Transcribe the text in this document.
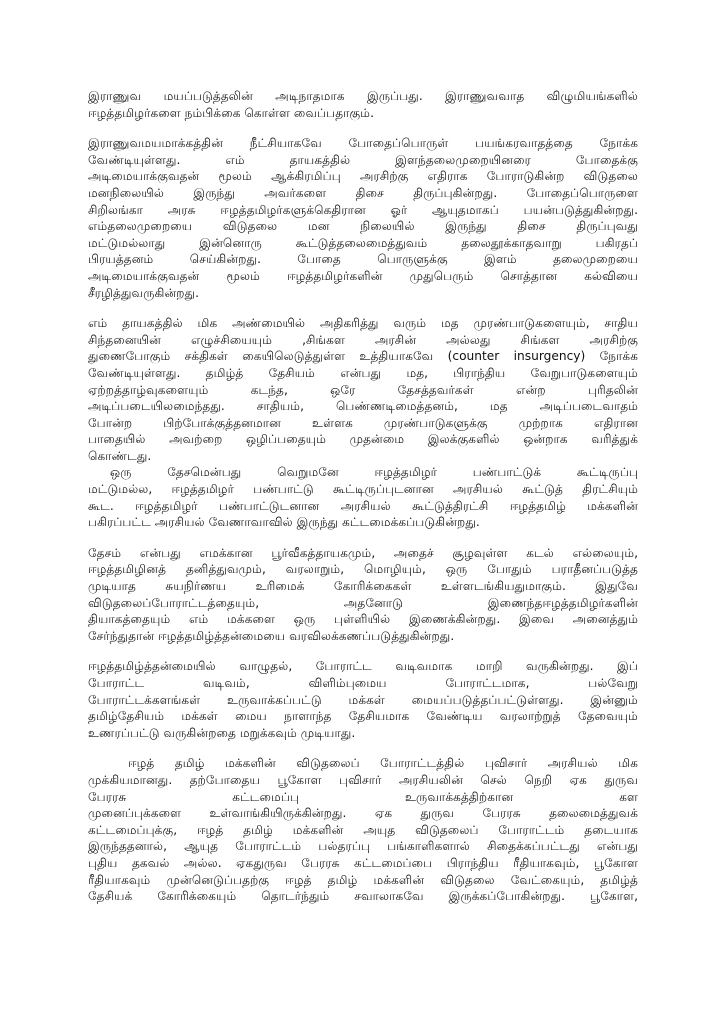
இராணுவ மயப்படுத்தலின் அடிநாதமாக இருப்பது. இராணுவவாத விழுமியங்களில்
ஈழத்தமிழர்களை நம்பிக்கை கொள்ள வைப்பதாகும்.
இராணுவமயமாக்கத்தின் நீட்சியாகவே போதைப்பொருள் பயங்கரவாதத்தை நோக்க
வேண்டியுள்ளது. எம் தாயகத்தில் இளந்தலைமுறையினரை போதைக்கு
அடிமையாக்குவதன் மூலம் ஆக்கிரமிப்பு அரசிற்கு எதிராக போராடுகின்ற விடுதலை
மனநிலையில் இருந்து அவர்களை திசை திருப்புகின்றது. போதைப்பொருளை
சிறிலங்கா அரசு ஈழத்தமிழர்களுக்கெதிரான ஓர் ஆயுதமாகப் பயன்படுத்துகின்றது.
எம்தலைமுறையை விடுதலை மன நிலையில் இருந்து திசை திருப்புவது
மட்டுமல்லாது இன்னொரு கூட்டுத்தலைமைத்துவம் தலைதூக்காதவாறு பகிரதப்
பிரயத்தனம் செய்கின்றது. போதை பொருளுக்கு இளம் தலைமுறையை
அடிமையாக்குவதன் மூலம் ஈழத்தமிழர்களின் முதுபெரும் சொத்தான கல்வியை
சீரழித்துவருகின்றது.
எம் தாயகத்தில் மிக அண்மையில் அதிகரித்து வரும் மத முரண்பாடுகளையும், சாதிய
சிந்தனையின் எழுச்சியையும் ,சிங்கள அரசின் அல்லது சிங்கள அரசிற்கு
துணைபோகும் சக்திகள் கையிலெடுத்துள்ள உத்தியாகவே (counter insurgency) நோக்க
வேண்டியுள்ளது. தமிழ்த் தேசியம் என்பது மத, பிரா‌ந்திய வேறுபாடுகளையும்
ஏற்றத்தாழ்வுகளையும் கடந்த, ஒரே தேசத்தவர்கள் என்ற புரிதலின்
அடிப்படையிலமைந்தது. சாதியம், பெண்ணடிமைத்தனம், மத அடிப்படைவாதம்
போன்ற பிற்போக்குத்தனமான உள்ளக முரண்பாடுகளுக்கு முற்றாக எதிரான
பாதையில் அவற்றை ஒழிப்பதையும் முதன்மை இலக்குகளில் ஒன்றாக வரித்துக்
கொண்டது.
ஒரு தேசமென்பது வெறுமனே ஈழத்தமிழர் பண்பாட்டுக் கூட்டிருப்பு
மட்டுமல்ல, ஈழத்தமிழர் பண்பாட்டு கூட்டிருப்புடனான அரசியல் கூட்டுத் திரட்சியும்
கூட. ஈழத்தமிழர் பண்பாட்டுடனான அரசியல் கூட்டுத்திரட்சி ஈழத்தமிழ் மக்களின்
பகிரப்பட்ட அரசியல் வேணாவாவில் இருந்து கட்டமைக்கப்படுகின்றது.
தேசம் என்பது எமக்கான பூர்வீகத்தாயகமும், அதைச் சூழவுள்ள கடல் எல்லையும்,
ஈழத்தமிழினத் தனித்துவமும், வரலாறும், மொழியும், ஒரு போதும் பராதீனப்படுத்த
முடியாத சுயநிர்ணய உரிமைக் கோரிக்கைகள் உள்ளடங்கியதுமாகும். இதுவே
விடுதலைப்போராட்டத்தையும், அதனோடு இணைந்தஈழத்தமிழர்களின்
தியாகத்தையும் எம் மக்களை ஒரு புள்ளியில் இணைக்கின்றது. இவை அனைத்தும்
சேர்ந்துதான் ஈழத்தமிழ்த்தன்மையை வரவிலக்கணப்படுத்துகின்றது.
ஈழத்தமிழ்த்தன்மையில் வாழுதல், போராட்ட வடிவமாக மாறி வருகின்றது. இப்
போராட்ட வடிவம், விளிம்புமைய போராட்டமாக, பல்வேறு
போராட்டக்களங்கள் உருவாக்கப்பட்டு மக்கள் மையப்படுத்தப்பட்டுள்ளது. இன்னும்
தமிழ்தேசியம் மக்கள் மைய நாளாந்த தேசியமாக வேண்டிய வரலாற்றுத் தேவையும்
உணரப்பட்டு வருகின்றதை மறுக்கவும் முடியாது.
ஈழத் தமிழ் மக்களின் விடுதலைப் போராட்டத்தில் புவிசார் அரசியல் மிக
முக்கியமானது. தற்போதைய பூகோள புவிசார் அரசியலின் செல் நெறி ஏக துருவ
பேரரசு கட்டமைப்பு உருவாக்கத்திற்கான கள
முனைப்புக்களை உள்வாங்கியிருக்கின்றது. ஏக துருவ பேரரசு தலைமைத்துவக்
கட்டமைப்புக்கு, ஈழத் தமிழ் மக்களின் அயுத விடுதலைப் போராட்டம் தடையாக
இருந்ததனால், ஆயுத போராட்டம் பல்தரப்பு பங்காளிகளால் சிதைக்கப்பட்டது என்பது
புதிய தகவல் அல்ல. ஏகதுருவ பேரரசு கட்டமைப்பை பிராந்திய ரீதியாகவும், பூகோள
ரீதியாகவும் முன்னெடுப்பதற்கு ஈழத் தமிழ் மக்களின் விடுதலை வேட்கையும், தமிழ்த்
தேசியக் கோரிக்கையும் தொடர்ந்தும் சவாலாகவே இருக்கப்போகின்றது. பூகோள,
